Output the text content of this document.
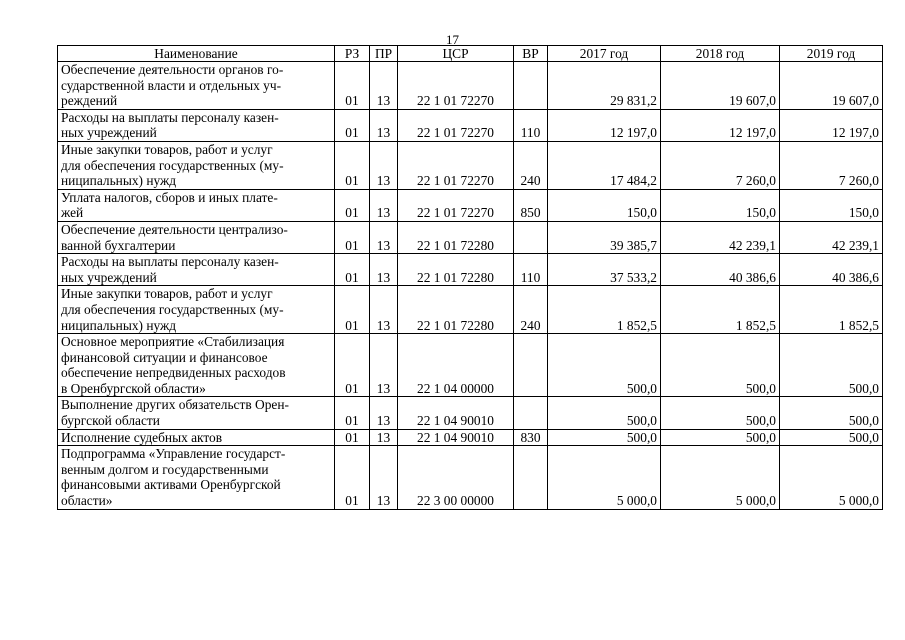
17
Наименование	РЗ	ПР	ЦСР	ВР	2017 год	2018 год	2019 год

Обеспечение деятельности органов го-
сударственной власти и отдельных уч-
реждений	01	13	22 1 01 72270		29 831,2	19 607,0	19 607,0

Расходы на выплаты персоналу казен-
ных учреждений	01	13	22 1 01 72270	110	12 197,0	12 197,0	12 197,0

Иные закупки товаров, работ и услуг
для обеспечения государственных (му-
ниципальных) нужд	01	13	22 1 01 72270	240	17 484,2	7 260,0	7 260,0

Уплата налогов, сборов и иных плате-
жей	01	13	22 1 01 72270	850	150,0	150,0	150,0

Обеспечение деятельности централизо-
ванной бухгалтерии	01	13	22 1 01 72280		39 385,7	42 239,1	42 239,1

Расходы на выплаты персоналу казен-
ных учреждений	01	13	22 1 01 72280	110	37 533,2	40 386,6	40 386,6

Иные закупки товаров, работ и услуг
для обеспечения государственных (му-
ниципальных) нужд	01	13	22 1 01 72280	240	1 852,5	1 852,5	1 852,5

Основное мероприятие «Стабилизация
финансовой ситуации и финансовое
обеспечение непредвиденных расходов
в Оренбургской области»	01	13	22 1 04 00000		500,0	500,0	500,0

Выполнение других обязательств Орен-
бургской области	01	13	22 1 04 90010		500,0	500,0	500,0

Исполнение судебных актов	01	13	22 1 04 90010	830	500,0	500,0	500,0

Подпрограмма «Управление государст-
венным долгом и государственными
финансовыми активами Оренбургской
области»	01	13	22 3 00 00000		5 000,0	5 000,0	5 000,0
